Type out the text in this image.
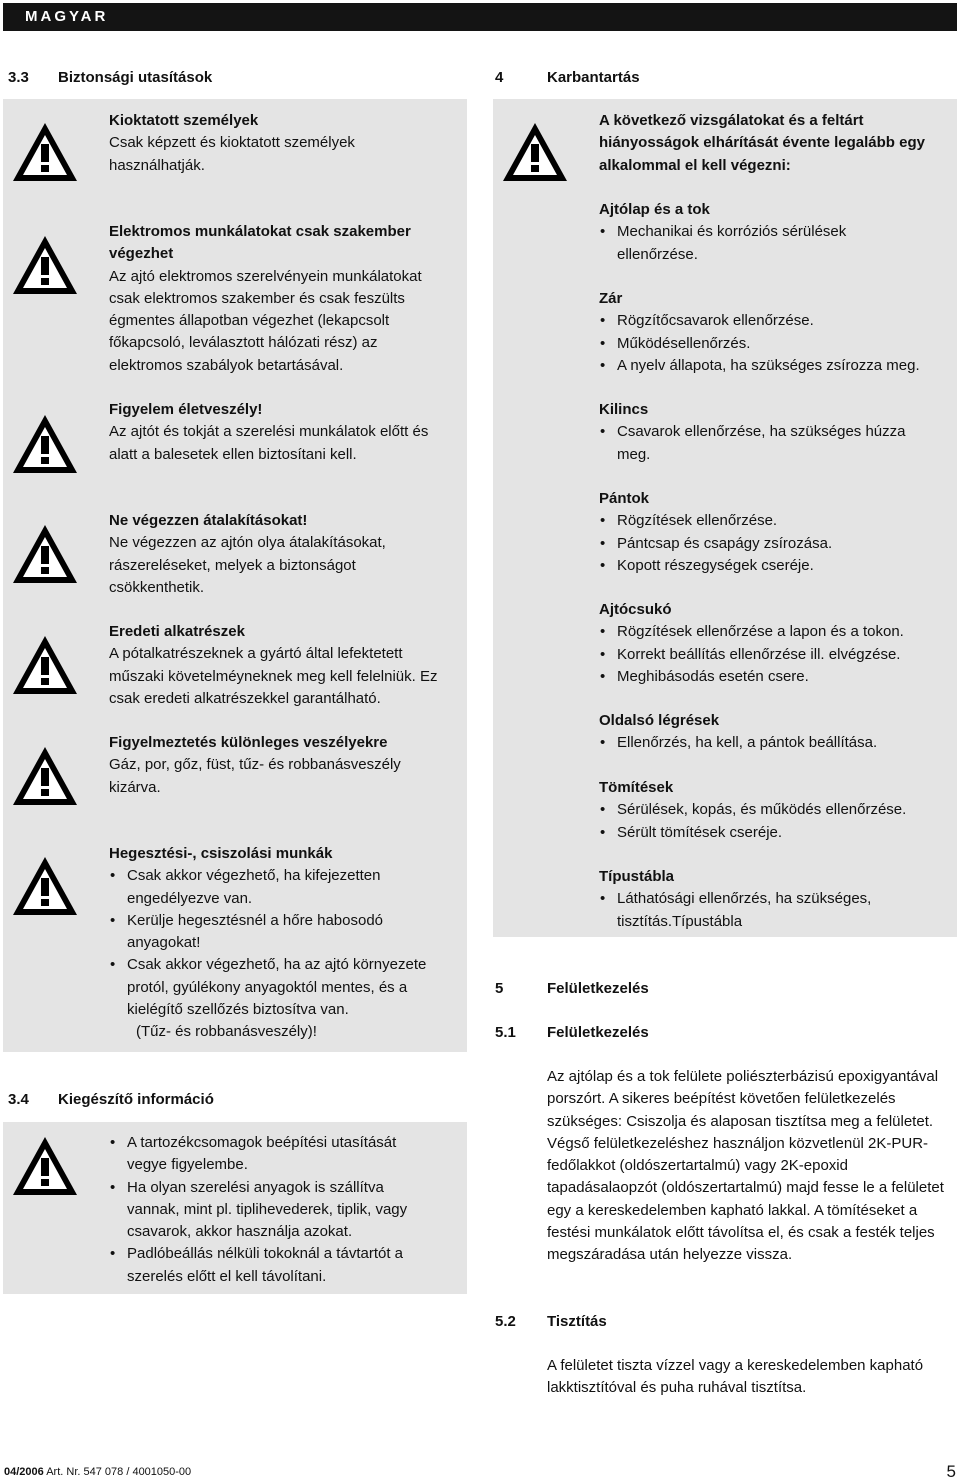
MAGYAR
3.3 Biztonsági utasítások	4	Karbantartás
3.4 Kiegészítő információ
5	Felületkezelés
5.1 Felületkezelés
5.2 Tisztítás

Kioktatott személyek

Csak képzett és kioktatott személyek használhatják.

Elektromos munkálatokat csak szakember végezhet

Az ajtó elektromos szerelvényein munkálatokat csak elektromos szakember és csak feszülts égmentes állapotban végezhet (lekapcsolt főkapcsoló, leválasztott hálózati rész) az elektromos szabályok betartásával.

Figyelem életveszély!

Az ajtót és tokját a szerelési munkálatok előtt és alatt a balesetek ellen biztosítani kell.

Ne végezzen átalakításokat!

Ne végezzen az ajtón olya átalakításokat, rászereléseket, melyek a biztonságot csökkenthetik.

Eredeti alkatrészek

A pótalkatrészeknek a gyártó által lefektetett műszaki követelméyneknek meg kell felelniük. Ez csak eredeti alkatrészekkel garantálható.

Figyelmeztetés különleges veszélyekre

Gáz, por, gőz, füst, tűz- és robbanásveszély kizárva.

Hegesztési-, csiszolási munkák

• Csak akkor végezhető, ha kifejezetten engedélyezve van.
• Kerülje hegesztésnél a hőre habosodó anyagokat!
• Csak akkor végezhető, ha az ajtó környezete protól, gyúlékony anyagoktól mentes, és a kielégítő szellőzés biztosítva van.

(Tűz- és robbanásveszély)!

• A tartozékcsomagok beépítési utasítását vegye figyelembe.
• Ha olyan szerelési anyagok is szállítva vannak, mint pl. tiplihevederek, tiplik, vagy csavarok, akkor használja azokat.
• Padlóbeállás nélküli tokoknál a távtartót a szerelés előtt el kell távolítani.

A következő vizsgálatokat és a feltárt hiányosságok elhárítását évente legalább egy alkalommal el kell végezni:

Ajtólap és a tok

• Mechanikai és korróziós sérülések ellenőrzése.

Zár

• Rögzítőcsavarok ellenőrzése.
• Működésellenőrzés.
• A nyelv állapota, ha szükséges zsírozza meg.

Kilincs

• Csavarok ellenőrzése, ha szükséges húzza meg.

Pántok

• Rögzítések ellenőrzése.
• Pántcsap és csapágy zsírozása.
• Kopott részegységek cseréje.

Ajtócsukó

• Rögzítések ellenőrzése a lapon és a tokon.
• Korrekt beállítás ellenőrzése ill. elvégzése.
• Meghibásodás esetén csere.

Oldalsó légrések

• Ellenőrzés, ha kell, a pántok beállítása.

Tömítések

• Sérülések, kopás, és működés ellenőrzése.
• Sérült tömítések cseréje.

Típustábla

• Láthatósági ellenőrzés, ha szükséges, tisztítás.Típustábla

Az ajtólap és a tok felülete poliészterbázisú epoxigyantával porszórt. A sikeres beépítést követően felületkezelés szükséges: Csiszolja és alaposan tisztítsa meg a felületet. Végső felületkezeléshez használjon közvetlenül 2K-PUR-fedőlakkot (oldószertartalmú) vagy 2K-epoxid tapadásalaopzót (oldószertartalmú) majd fesse le a felületet egy a kereskedelemben kapható lakkal. A tömítéseket a festési munkálatok előtt távolítsa el, és csak a festék teljes megszáradása után helyezze vissza.

A felületet tiszta vízzel vagy a kereskedelemben kapható lakktisztítóval és puha ruhával tisztítsa.

04/2006 Art. Nr. 547 078 / 4001050-00	5
